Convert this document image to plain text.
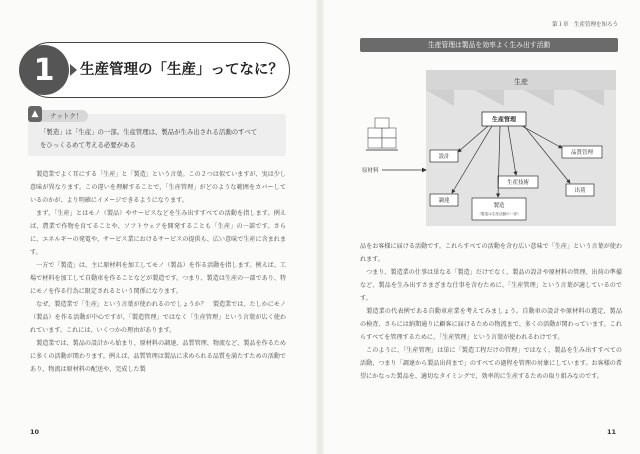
1	生産管理の「生産」ってなに？
ナットク！
▲
「製造」は「生産」の一部。生産管理は、製品が生み出される活動のすべて
をひっくるめて考える必要がある

製造業でよく耳にする「生産」と「製造」という言葉。この２つは似ていますが、実は少し意味が異なります。この違いを理解することで、「生産管理」がどのような範囲をカバーしているのかが、より明確にイメージできるようになります。

まず、「生産」とはモノ（製品）やサービスなどを生み出すすべての活動を指します。例えば、農業で作物を育てることや、ソフトウェアを開発することも「生産」の一部です。さらに、エネルギーの発電や、サービス業におけるサービスの提供も、広い意味で生産に含まれます。

一方で「製造」は、主に原材料を加工してモノ（製品）を作る活動を指します。例えば、工場で材料を加工して自動車を作ることなどが製造です。つまり、製造は生産の一部であり、特にモノを作る行為に限定されるという関係になります。

なぜ、製造業で「生産」という言葉が使われるのでしょうか？　製造業では、たしかにモノ（製品）を作る活動が中心ですが、「製造管理」ではなく「生産管理」という言葉が広く使われています。これには、いくつかの理由があります。

製造業では、製品の設計から始まり、原材料の調達、品質管理、物流など、製品を作るために多くの活動が関わります。例えば、品質管理は製品に求められる品質を満たすための活動であり、物流は原材料の配送や、完成した製

10
第１章　生産管理を知ろう
生産管理は製品を効率よく生み出す活動
生産
原材料
生産管理
設計
品質管理
生産技術
調達
製造
（製造は生産活動の一部）
出荷

品をお客様に届ける活動です。これらすべての活動を含む広い意味で「生産」という言葉が使われます。

つまり、製造業の仕事は単なる「製造」だけでなく、製品の設計や原材料の管理、出荷の準備など、製品を生み出すさまざまな仕事を含むために、「生産管理」という言葉が適しているのです。

製造業の代表例である自動車産業を考えてみましょう。自動車の設計や原材料の選定、製品の検査、さらには納期通りに顧客に届けるための物流まで、多くの活動が関わっています。これらすべてを管理するために、「生産管理」という言葉が使われるわけです。

このように、「生産管理」は単に「製造工程だけの管理」ではなく、製品を生み出すすべての活動、つまり「調達から製品出荷まで」のすべての過程を管理の対象にしています。お客様の希望にかなった製品を、適切なタイミングで、効率的に生産するための取り組みなのです。

11
